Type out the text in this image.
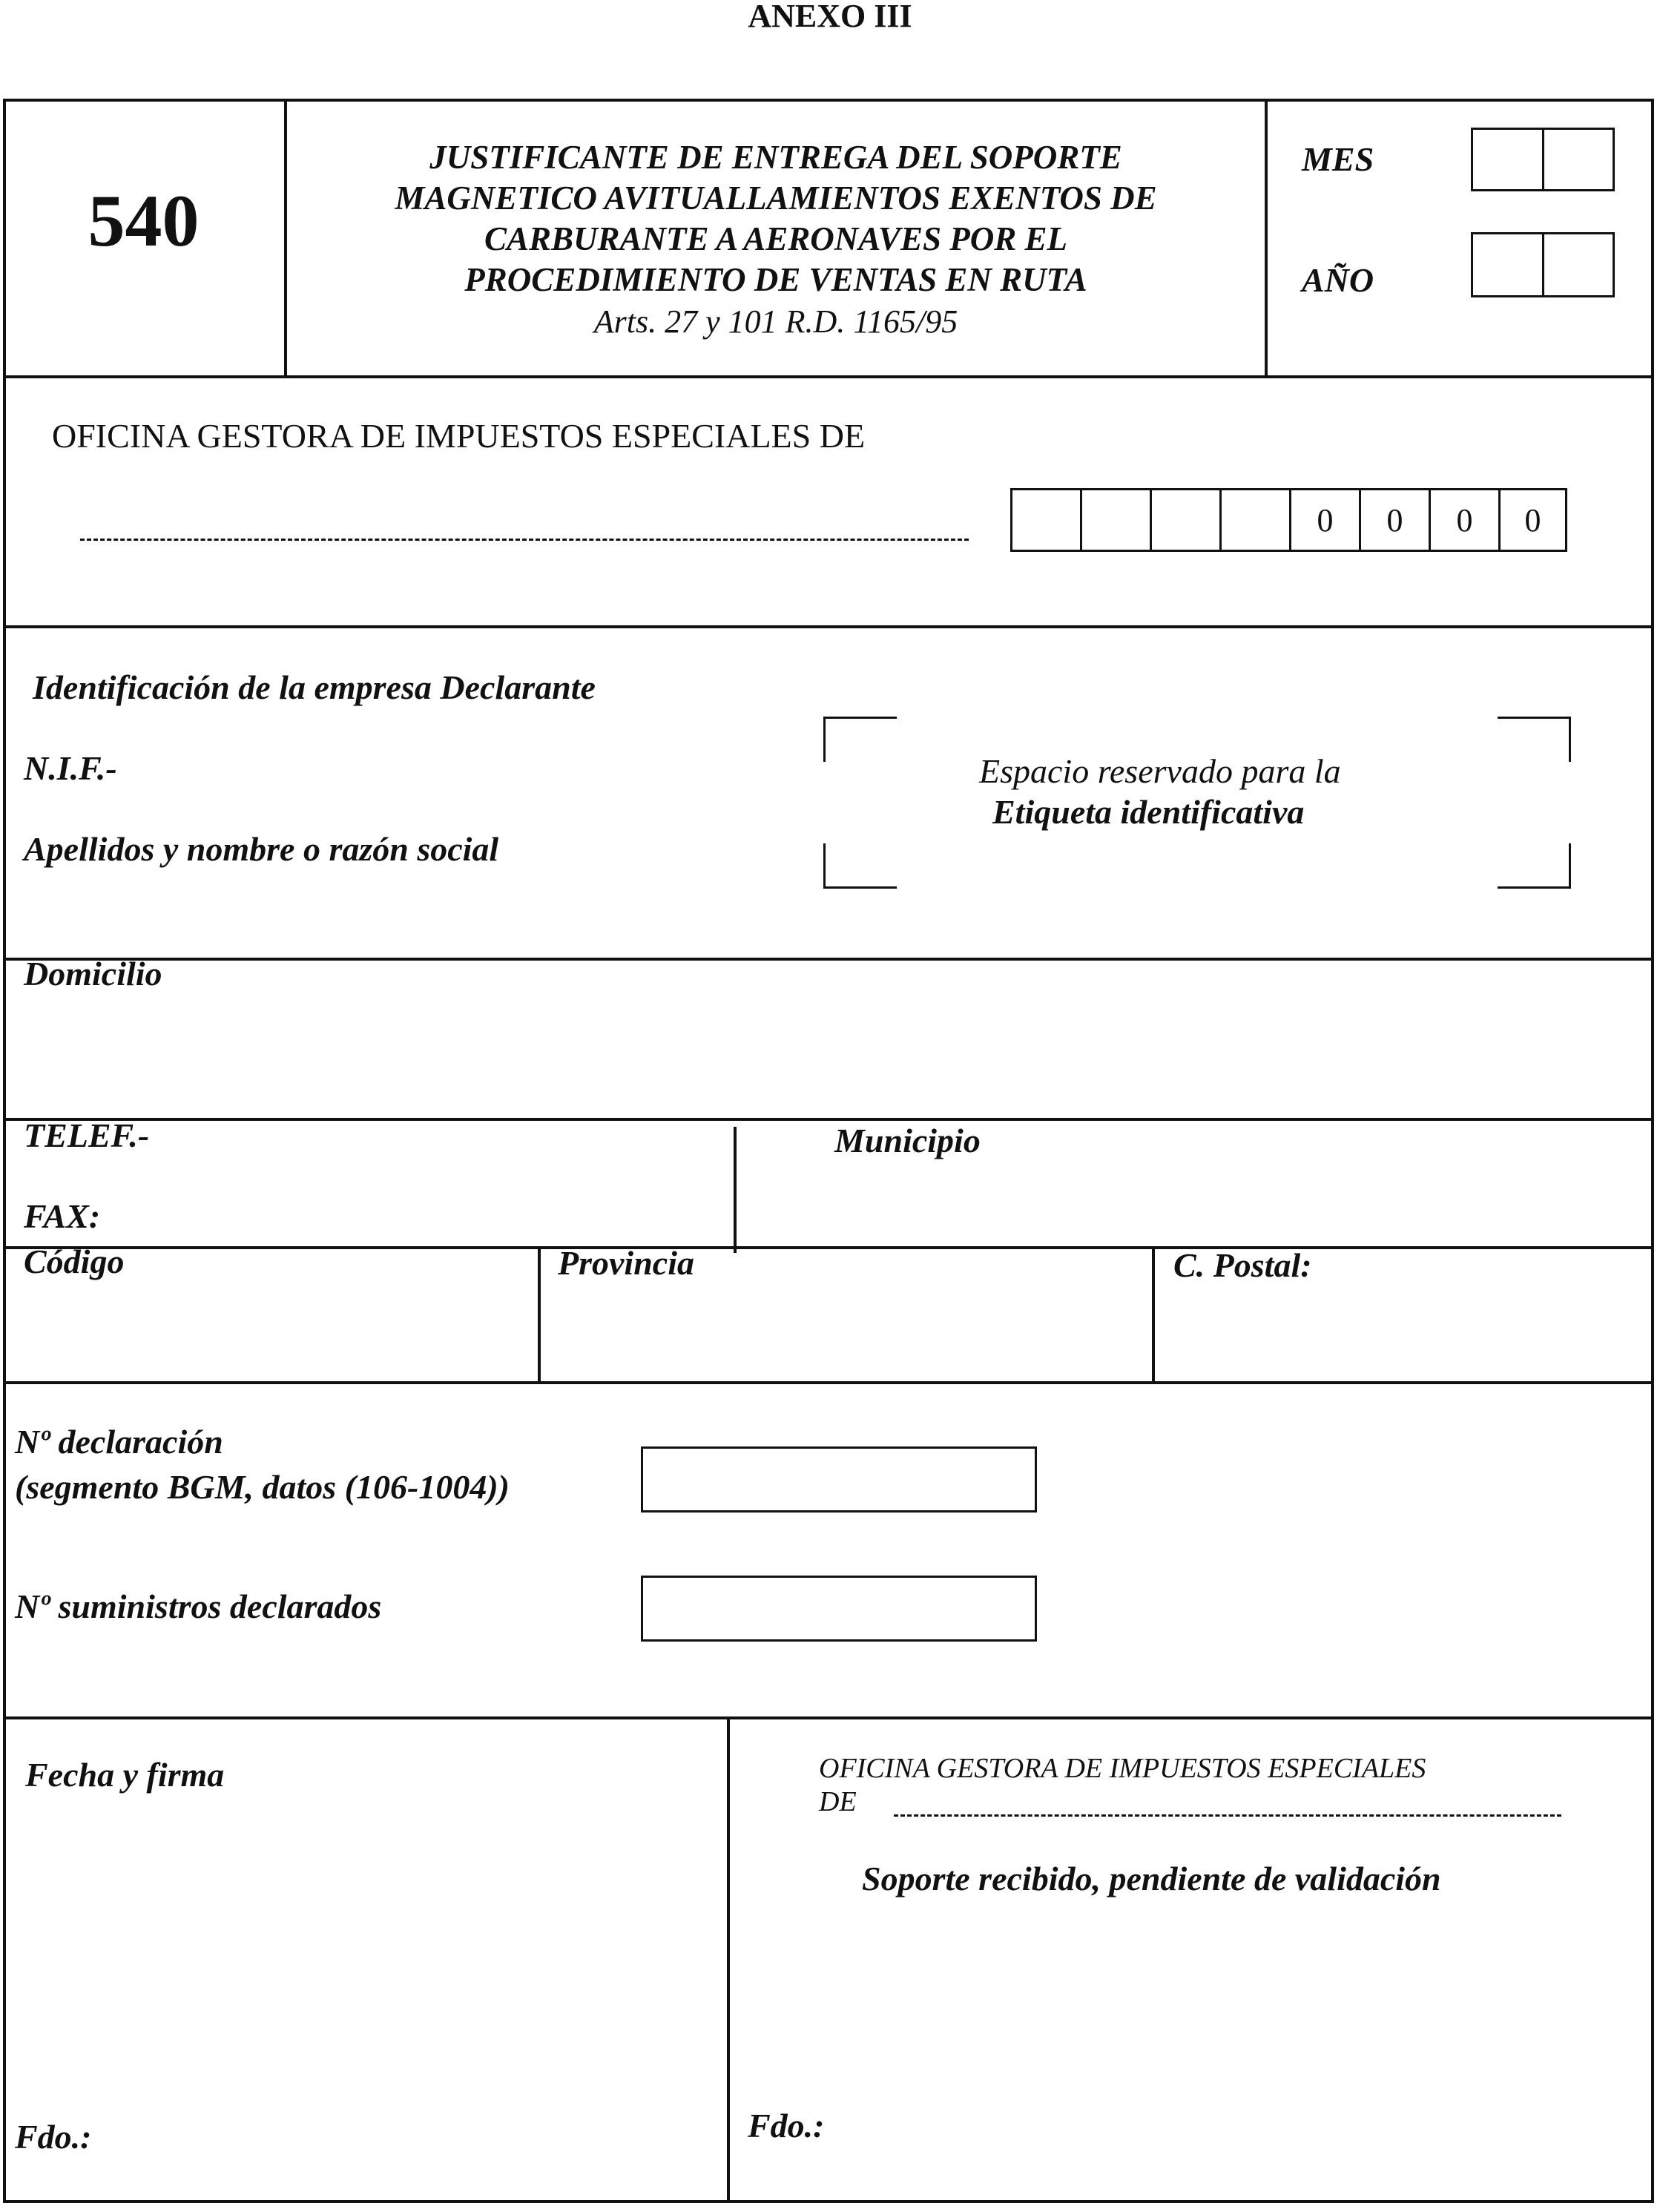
ANEXO III
540
JUSTIFICANTE DE ENTREGA DEL SOPORTE
MAGNETICO AVITUALLAMIENTOS EXENTOS DE
CARBURANTE A AERONAVES POR EL
PROCEDIMIENTO DE VENTAS EN RUTA
Arts. 27 y 101 R.D. 1165/95
MES
AÑO
OFICINA GESTORA DE IMPUESTOS ESPECIALES DE
0	0	0	0
Identificación de la empresa Declarante
N.I.F.-
Apellidos y nombre o razón social
Espacio reservado para la
Etiqueta identificativa
Domicilio
TELEF.-
FAX:
Municipio
Código	Provincia	C. Postal:
Nº declaración
(segmento BGM, datos (106-1004))
Nº suministros declarados
Fecha y firma
Fdo.:
OFICINA GESTORA DE IMPUESTOS ESPECIALES
DE
Soporte recibido, pendiente de validación
Fdo.:
